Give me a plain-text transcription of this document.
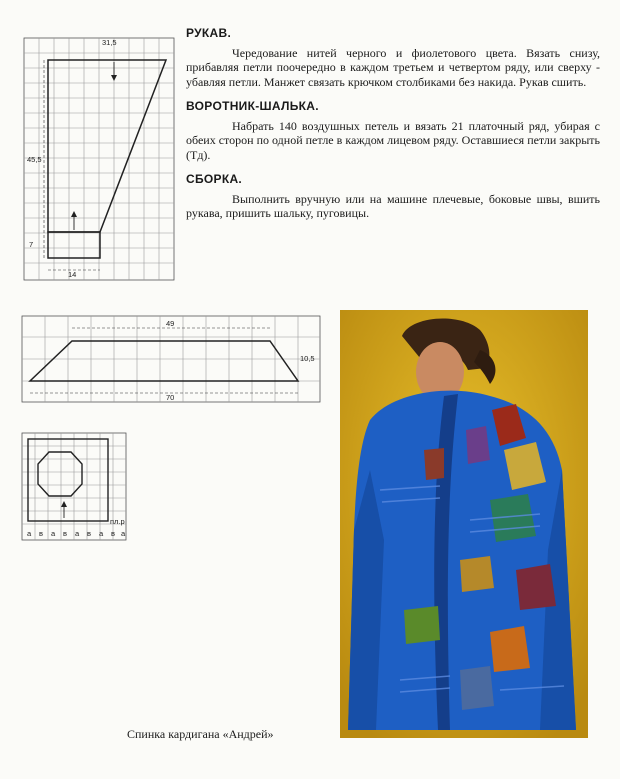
31,5
45,5
7
14
49
10,5
70
пл.р
а в а в а в а в а
РУКАВ.

Чередование нитей черного и фиолетового цвета. Вязать снизу, прибавляя петли поочередно в каждом третьем и четвертом ряду, или сверху - убавляя петли. Манжет связать крючком столбиками без накида. Рукав сшить.

ВОРОТНИК-ШАЛЬКА.

Набрать 140 воздушных петель и вязать 21 платочный ряд, убирая с обеих сторон по одной петле в каждом лицевом ряду. Оставшиеся петли закрыть (Тд).

СБОРКА.

Выполнить вручную или на машине плечевые, боковые швы, вшить рукава, пришить шальку, пуговицы.

Спинка кардигана «Андрей»
